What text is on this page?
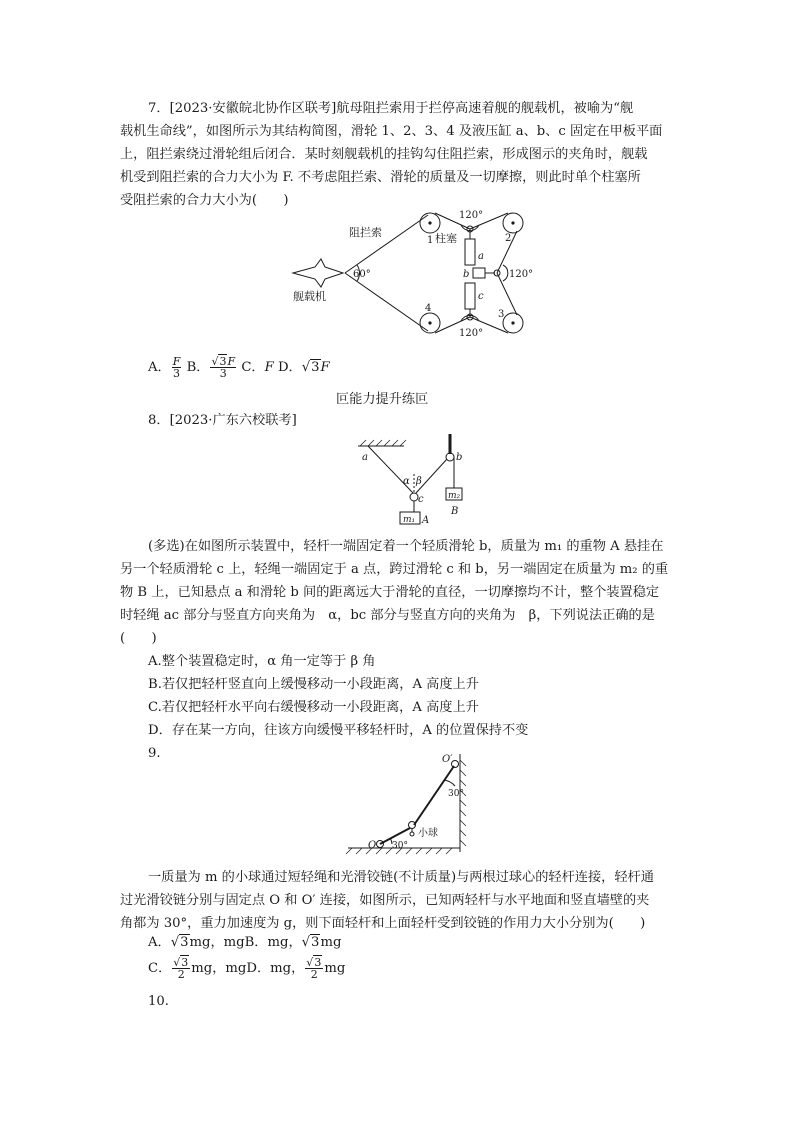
7．[2023·安徽皖北协作区联考]航母阻拦索用于拦停高速着舰的舰载机，被喻为“舰
载机生命线”，如图所示为其结构简图，滑轮 1、2、3、4 及液压缸 a、b、c 固定在甲板平面
上，阻拦索绕过滑轮组后闭合．某时刻舰载机的挂钩勾住阻拦索，形成图示的夹角时，舰载
机受到阻拦索的合力大小为 F. 不考虑阻拦索、滑轮的质量及一切摩擦，则此时单个柱塞所
受阻拦索的合力大小为(　　)
阻拦索	柱塞
舰载机
60°
120°
120°
120°
1	2
3
4
a
b
c
A． $\frac{F}{3}$ B． $\frac{√3F}{3}$ C．F D．√3F
叵能力提升练叵
8．[2023·广东六校联考]
a	b
c
α β
m₁
m₂
A
B
(多选)在如图所示装置中，轻杆一端固定着一个轻质滑轮 b，质量为 m₁ 的重物 A 悬挂在
另一个轻质滑轮 c 上，轻绳一端固定于 a 点，跨过滑轮 c 和 b，另一端固定在质量为 m₂ 的重
物 B 上，已知悬点 a 和滑轮 b 间的距离远大于滑轮的直径，一切摩擦均不计，整个装置稳定
时轻绳 ac 部分与竖直方向夹角为　α，bc 部分与竖直方向的夹角为　β，下列说法正确的是
(　　)
A.整个装置稳定时，α 角一定等于 β 角
B.若仅把轻杆竖直向上缓慢移动一小段距离，A 高度上升
C.若仅把轻杆水平向右缓慢移动一小段距离，A 高度上升
D．存在某一方向，往该方向缓慢平移轻杆时，A 的位置保持不变
9.	O′
O
小球
30°
30°
一质量为 m 的小球通过短轻绳和光滑铰链(不计质量)与两根过球心的轻杆连接，轻杆通
过光滑铰链分别与固定点 O 和 O′ 连接，如图所示，已知两轻杆与水平地面和竖直墙壁的夹
角都为 30°，重力加速度为 g，则下面轻杆和上面轻杆受到铰链的作用力大小分别为(　　)
A．√3mg，mgB．mg，√3mg
C． $\frac{√3}{2}$ mg，mgD．mg， $\frac{√3}{2}$ mg
10.
